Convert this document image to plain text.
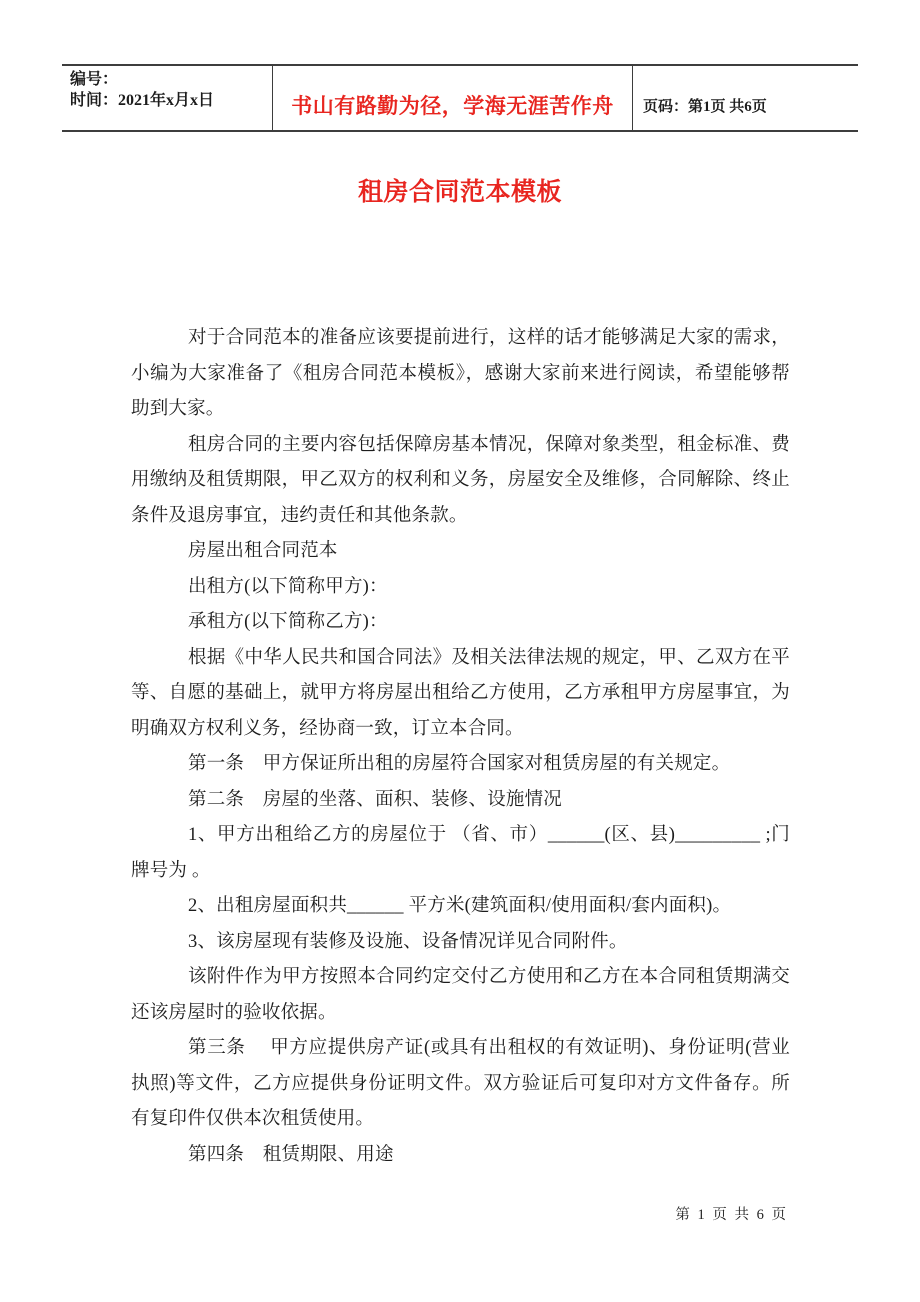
编号：
时间：2021年x月x日	书山有路勤为径，学海无涯苦作舟 页码：第1页 共6页
租房合同范本模板

对于合同范本的准备应该要提前进行，这样的话才能够满足大家的需求，小编为大家准备了《租房合同范本模板》，感谢大家前来进行阅读，希望能够帮助到大家。

租房合同的主要内容包括保障房基本情况，保障对象类型，租金标准、费用缴纳及租赁期限，甲乙双方的权利和义务，房屋安全及维修，合同解除、终止条件及退房事宜，违约责任和其他条款。

房屋出租合同范本

出租方(以下简称甲方)：

承租方(以下简称乙方)：

根据《中华人民共和国合同法》及相关法律法规的规定，甲、乙双方在平等、自愿的基础上，就甲方将房屋出租给乙方使用，乙方承租甲方房屋事宜，为明确双方权利义务，经协商一致，订立本合同。

第一条　甲方保证所出租的房屋符合国家对租赁房屋的有关规定。

第二条　房屋的坐落、面积、装修、设施情况

1、甲方出租给乙方的房屋位于 （省、市）______(区、县)_________ ;门牌号为 。

2、出租房屋面积共______ 平方米(建筑面积/使用面积/套内面积)。

3、该房屋现有装修及设施、设备情况详见合同附件。

该附件作为甲方按照本合同约定交付乙方使用和乙方在本合同租赁期满交还该房屋时的验收依据。

第三条　 甲方应提供房产证(或具有出租权的有效证明)、身份证明(营业执照)等文件，乙方应提供身份证明文件。双方验证后可复印对方文件备存。所有复印件仅供本次租赁使用。

第四条　租赁期限、用途

第 1 页 共 6 页
